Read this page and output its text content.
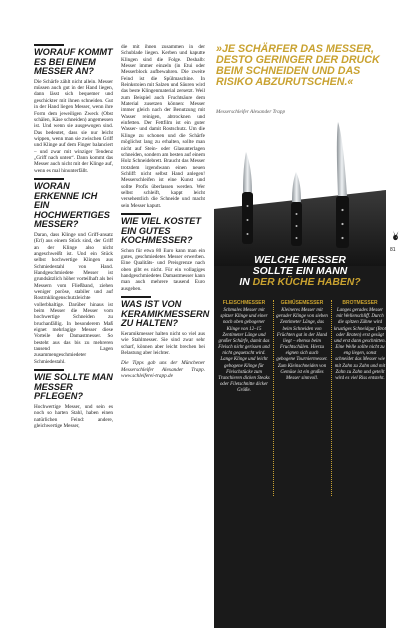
WORAUF KOMMT ES BEI EINEM MESSER AN?

Die Schärfe zählt nicht allein. Messer müssen auch gut in der Hand liegen, dann lässt sich bequemer und geschickter mit ihnen schneiden. Gut in der Hand liegen Messer, wenn ihre Form dem jeweiligen Zweck (Obst schälen, Käse schneiden) angemessen ist. Und wenn sie ausgewogen sind. Das bedeutet, dass sie nur leicht wippen, wenn man sie zwischen Griff und Klinge auf dem Finger balanciert – und zwar mit winziger Tendenz „Griff nach unten“. Dann kommt das Messer auch nicht mit der Klinge auf, wenn es mal hinunterfällt.

WORAN ERKENNE ICH EIN HOCHWERTIGES MESSER?

Daran, dass Klinge und Griff-ansatz (Erl) aus einem Stück sind, der Griff an der Klinge also nicht angeschweißt ist. Und ein Stück selbst hochwertige Klingen aus Schmiedestahl von Hand. Handgeschmiedete Messer ist grundsätzlich höher vorteilhaft als bei Messern vom Fließband, ziehen weniger poröse, stabiler und auf Rostrnklingenschutzleichte vollerbhaltige. Darüber hinaus ist beim Messer die Messer vom hochwertige Schneiden zu bruchanfällig. In besonderem Maß eignet mehrlagige Messer diese Vorteile der Damastmesser. So besteht aus das bis zu mehreren tausend Lagen zusammengeschmiedeter Schmiedestahl.

WIE SOLLTE MAN MESSER PFLEGEN?

Hochwertige Messer, und sein es noch so harten Stahl, haben einen natürlichen Feind: andere, gleichwertige Messer,

die mit ihnen zusammen in der Schublade liegen. Kerben und kaputte Klingen sind die Folge. Deshalb: Messer immer einzeln (in Etui oder Messerblock aufbewahren. Die zweite Feind ist die Spülmaschine. In Reinkstoien mit Salzen und Säuren wird das beste Klingenmaterial zersetzt. Weil zum Beispiel auch Fruchtsäure dem Material zusetzen können: Messer immer gleich nach der Benutzung mit Wasser reinigen, abtrocknen und einfetten. Der Fettfilm ist ein guter Wasser- und damit Rostschutz. Um die Klinge zu schonen und die Schärfe möglichst lang zu erhalten, sollte man nicht auf Stein- oder Glasunterlagen schneiden, sondern am besten auf einem Holz Schneidebrett. Braucht das Messer trotzdem irgendwann einen neuen Schliff: nicht selbst Hand anlegen! Messerschleifen ist eine Kunst und sollte Profis überlassen werden. Wer selbst schleift, kappt leicht versehentlich die Schneide und macht sein Messer kaputt.

WIE VIEL KOSTET EIN GUTES KOCHMESSER?

Schon für etwa 80 Euro kann man ein gutes, geschmiedetes Messer erwerben. Eine Qualitäts- und Preisgrenze nach oben gibt es nicht. Für ein vollagiges handgeschmiedetes Damastmesser kann man auch mehrere tausend Euro ausgeben.

WAS IST VON KERAMIKMESSERN ZU HALTEN?

Keramikmesser halten nicht so viel aus wie Stahlmesser. Sie sind zwar sehr scharf, können aber leicht brechen bei Belastung aber leichter.

Die Tipps gab uns der Münchener Messerschleifer Alexander Trapp. www.schleiferei-trapp.de

»JE SCHÄRFER DAS MESSER, DESTO GERINGER DER DRUCK BEIM SCHNEIDEN UND DAS RISIKO ABZURUTSCHEN.«

Messerschleifer Alexander Trapp
WELCHE MESSER
SOLLTE EIN MANN
IN DER KÜCHE HABEN?
FLEISCHMESSER
Schmales Messer mit spitzer Klinge und einer nach oben gebogener Klinge von 12–15 Zentimeter Länge und großer Schärfe, damit das Fleisch nicht gerissen und nicht gequetscht wird. Lange Klinge und leicht gebogene Klinge für Fleischstücke zum Tranchieren dicken Steaks oder Filetschnitte dicker Größe.
GEMÜSEMESSER
Kleineres Messer mit gerader Klinge von sieben Zentimeter Länge, das beim Schneiden von Früchten gut in der Hand liegt – ebenso beim Fruchtschälen. Hierzu eignen sich auch gebogene Tourniermesser. Zum Kleinschneiden von Gemüse ist ein großes Messer sinnvoll.
BROTMESSER
Langes gerades Messer mit Wellenschliff. Durch die spitzen Zähne wird krustiges Schneidgut (Brot oder Braten) erst gesägt und erst dann geschnitten. Eine Welle sollte nicht zu eng liegen, sonst schneidet das Messer wie mit Zahn zu Zahn und mit Zahn zu Zahn und geteilt wird es viel Riss entsteht.
81
